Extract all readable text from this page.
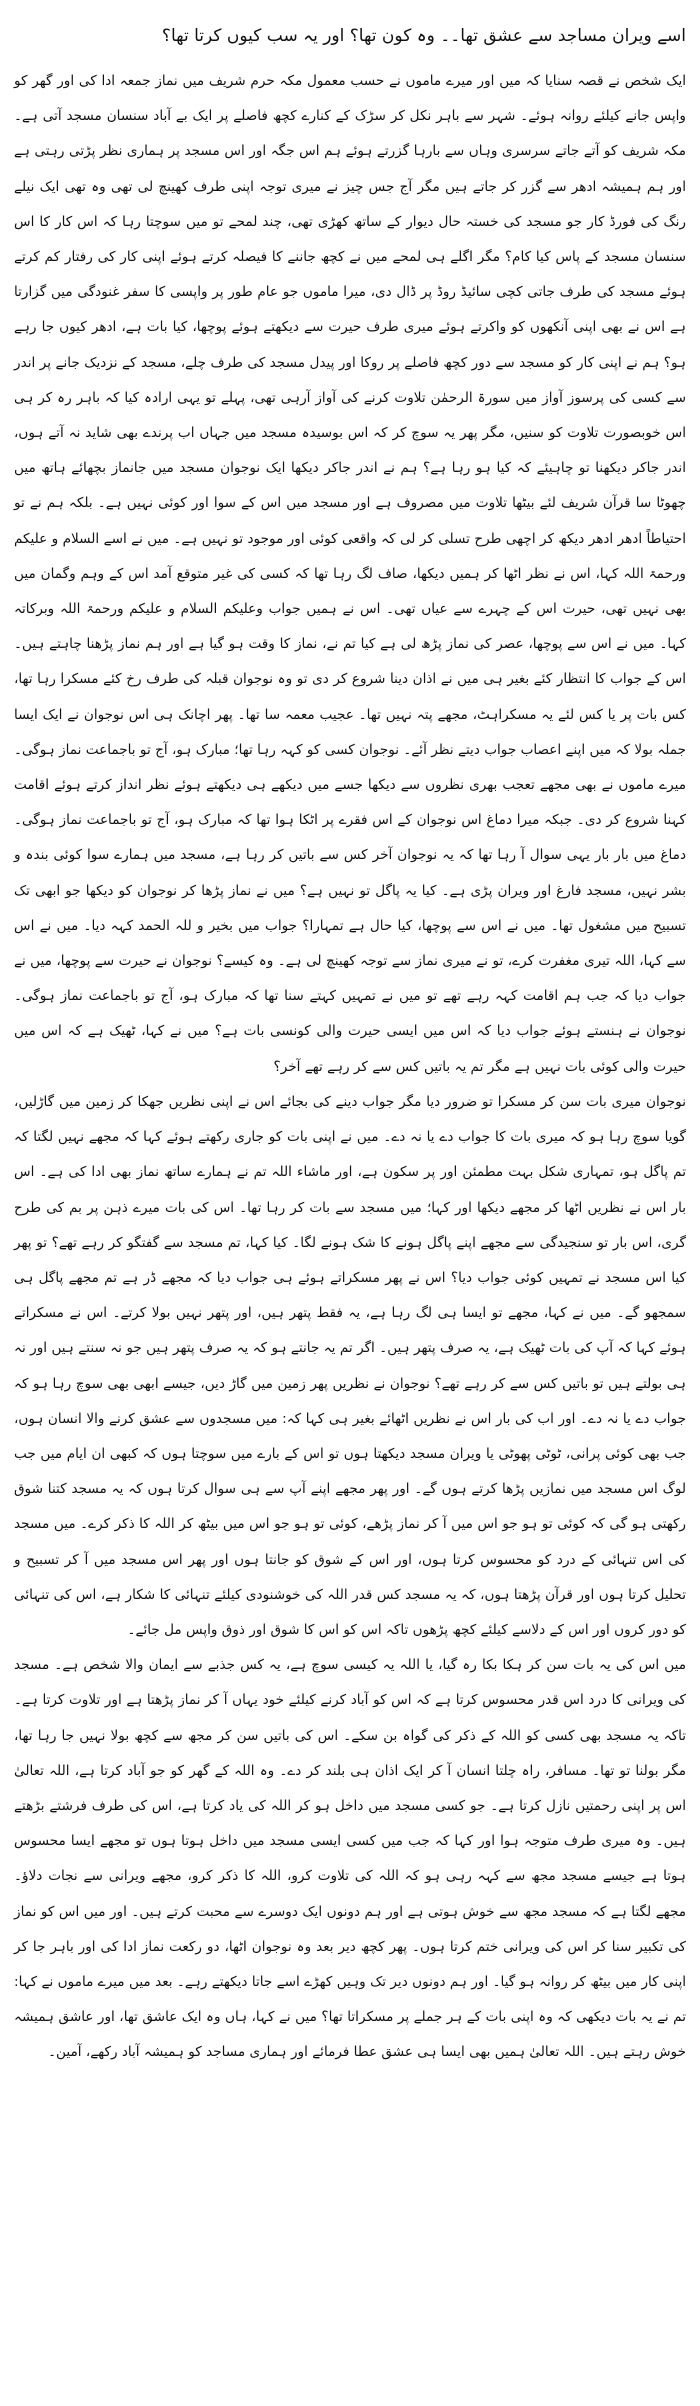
اسے ویران مساجد سے عشق تھا۔۔ وہ کون تھا؟ اور یہ سب کیوں کرتا تھا؟

ایک شخص نے قصہ سنایا کہ میں اور میرے ماموں نے حسب معمول مکہ حرم شریف میں نماز جمعہ ادا کی اور گھر کو واپس جانے کیلئے روانہ ہوئے۔ شہر سے باہر نکل کر سڑک کے کنارے کچھ فاصلے پر ایک بے آباد سنسان مسجد آتی ہے۔ مکہ شریف کو آتے جاتے سرسری وہاں سے بارہا گزرتے ہوئے ہم اس جگہ اور اس مسجد پر ہماری نظر پڑتی رہتی ہے اور ہم ہمیشہ ادھر سے گزر کر جاتے ہیں مگر آج جس چیز نے میری توجہ اپنی طرف کھینچ لی تھی وہ تھی ایک نیلے رنگ کی فورڈ کار جو مسجد کی خستہ حال دیوار کے ساتھ کھڑی تھی، چند لمحے تو میں سوچتا رہا کہ اس کار کا اس سنسان مسجد کے پاس کیا کام؟ مگر اگلے ہی لمحے میں نے کچھ جاننے کا فیصلہ کرتے ہوئے اپنی کار کی رفتار کم کرتے ہوئے مسجد کی طرف جاتی کچی سائیڈ روڈ پر ڈال دی، میرا ماموں جو عام طور پر واپسی کا سفر غنودگی میں گزارتا ہے اس نے بھی اپنی آنکھوں کو واکرتے ہوئے میری طرف حیرت سے دیکھتے ہوئے پوچھا، کیا بات ہے، ادھر کیوں جا رہے ہو؟ ہم نے اپنی کار کو مسجد سے دور کچھ فاصلے پر روکا اور پیدل مسجد کی طرف چلے، مسجد کے نزدیک جانے پر اندر سے کسی کی پرسوز آواز میں سورۃ الرحمٰن تلاوت کرنے کی آواز آرہی تھی، پہلے تو یہی ارادہ کیا کہ باہر رہ کر ہی اس خوبصورت تلاوت کو سنیں، مگر پھر یہ سوچ کر کہ اس بوسیدہ مسجد میں جہاں اب پرندے بھی شاید نہ آتے ہوں، اندر جاکر دیکھنا تو چاہیئے کہ کیا ہو رہا ہے؟ ہم نے اندر جاکر دیکھا ایک نوجوان مسجد میں جانماز بچھائے ہاتھ میں چھوٹا سا قرآن شریف لئے بیٹھا تلاوت میں مصروف ہے اور مسجد میں اس کے سوا اور کوئی نہیں ہے۔ بلکہ ہم نے تو احتیاطاً ادھر ادھر دیکھ کر اچھی طرح تسلی کر لی کہ واقعی کوئی اور موجود تو نہیں ہے۔ میں نے اسے السلام و علیکم ورحمۃ اللہ کہا، اس نے نظر اٹھا کر ہمیں دیکھا، صاف لگ رہا تھا کہ کسی کی غیر متوقع آمد اس کے وہم وگمان میں بھی نہیں تھی، حیرت اس کے چہرے سے عیاں تھی۔ اس نے ہمیں جواب وعلیکم السلام و علیکم ورحمۃ اللہ وبرکاتہ کہا۔ میں نے اس سے پوچھا، عصر کی نماز پڑھ لی ہے کیا تم نے، نماز کا وقت ہو گیا ہے اور ہم نماز پڑھنا چاہتے ہیں۔ اس کے جواب کا انتظار کئے بغیر ہی میں نے اذان دینا شروع کر دی تو وہ نوجوان قبلہ کی طرف رخ کئے مسکرا رہا تھا، کس بات پر یا کس لئے یہ مسکراہٹ، مجھے پتہ نہیں تھا۔ عجیب معمہ سا تھا۔ پھر اچانک ہی اس نوجوان نے ایک ایسا جملہ بولا کہ میں اپنے اعصاب جواب دیتے نظر آئے۔ نوجوان کسی کو کہہ رہا تھا؛ مبارک ہو، آج تو باجماعت نماز ہوگی۔ میرے ماموں نے بھی مجھے تعجب بھری نظروں سے دیکھا جسے میں دیکھے ہی دیکھتے ہوئے نظر انداز کرتے ہوئے اقامت کہنا شروع کر دی۔ جبکہ میرا دماغ اس نوجوان کے اس فقرے پر اٹکا ہوا تھا کہ مبارک ہو، آج تو باجماعت نماز ہوگی۔ دماغ میں بار بار یہی سوال آ رہا تھا کہ یہ نوجوان آخر کس سے باتیں کر رہا ہے، مسجد میں ہمارے سوا کوئی بندہ و بشر نہیں، مسجد فارغ اور ویران پڑی ہے۔ کیا یہ پاگل تو نہیں ہے؟ میں نے نماز پڑھا کر نوجوان کو دیکھا جو ابھی تک تسبیح میں مشغول تھا۔ میں نے اس سے پوچھا، کیا حال ہے تمہارا؟ جواب میں بخیر و للہ الحمد کہہ دیا۔ میں نے اس سے کہا، اللہ تیری مغفرت کرے، تو نے میری نماز سے توجہ کھینچ لی ہے۔ وہ کیسے؟ نوجوان نے حیرت سے پوچھا، میں نے جواب دیا کہ جب ہم اقامت کہہ رہے تھے تو میں نے تمہیں کہتے سنا تھا کہ مبارک ہو، آج تو باجماعت نماز ہوگی۔ نوجوان نے ہنستے ہوئے جواب دیا کہ اس میں ایسی حیرت والی کونسی بات ہے؟ میں نے کہا، ٹھیک ہے کہ اس میں حیرت والی کوئی بات نہیں ہے مگر تم یہ باتیں کس سے کر رہے تھے آخر؟

نوجوان میری بات سن کر مسکرا تو ضرور دیا مگر جواب دینے کی بجائے اس نے اپنی نظریں جھکا کر زمین میں گاڑلیں، گویا سوچ رہا ہو کہ میری بات کا جواب دے یا نہ دے۔ میں نے اپنی بات کو جاری رکھتے ہوئے کہا کہ مجھے نہیں لگتا کہ تم پاگل ہو، تمہاری شکل بہت مطمئن اور پر سکون ہے، اور ماشاء اللہ تم نے ہمارے ساتھ نماز بھی ادا کی ہے۔ اس بار اس نے نظریں اٹھا کر مجھے دیکھا اور کہا؛ میں مسجد سے بات کر رہا تھا۔ اس کی بات میرے ذہن پر بم کی طرح گری، اس بار تو سنجیدگی سے مجھے اپنے پاگل ہونے کا شک ہونے لگا۔ کیا کہا، تم مسجد سے گفتگو کر رہے تھے؟ تو پھر کیا اس مسجد نے تمہیں کوئی جواب دیا؟ اس نے پھر مسکراتے ہوئے ہی جواب دیا کہ مجھے ڈر ہے تم مجھے پاگل ہی سمجھو گے۔ میں نے کہا، مجھے تو ایسا ہی لگ رہا ہے، یہ فقط پتھر ہیں، اور پتھر نہیں بولا کرتے۔ اس نے مسکراتے ہوئے کہا کہ آپ کی بات ٹھیک ہے، یہ صرف پتھر ہیں۔ اگر تم یہ جانتے ہو کہ یہ صرف پتھر ہیں جو نہ سنتے ہیں اور نہ ہی بولتے ہیں تو باتیں کس سے کر رہے تھے؟ نوجوان نے نظریں پھر زمین میں گاڑ دیں، جیسے ابھی بھی سوچ رہا ہو کہ جواب دے یا نہ دے۔ اور اب کی بار اس نے نظریں اٹھائے بغیر ہی کہا کہ: میں مسجدوں سے عشق کرنے والا انسان ہوں، جب بھی کوئی پرانی، ٹوٹی پھوٹی یا ویران مسجد دیکھتا ہوں تو اس کے بارے میں سوچتا ہوں کہ کبھی ان ایام میں جب لوگ اس مسجد میں نمازیں پڑھا کرتے ہوں گے۔ اور پھر مجھے اپنے آپ سے ہی سوال کرتا ہوں کہ یہ مسجد کتنا شوق رکھتی ہو گی کہ کوئی تو ہو جو اس میں آ کر نماز پڑھے، کوئی تو ہو جو اس میں بیٹھ کر اللہ کا ذکر کرے۔ میں مسجد کی اس تنہائی کے درد کو محسوس کرتا ہوں، اور اس کے شوق کو جانتا ہوں اور پھر اس مسجد میں آ کر تسبیح و تحلیل کرتا ہوں اور قرآن پڑھتا ہوں، کہ یہ مسجد کس قدر اللہ کی خوشنودی کیلئے تنہائی کا شکار ہے، اس کی تنہائی کو دور کروں اور اس کے دلاسے کیلئے کچھ پڑھوں تاکہ اس کو اس کا شوق اور ذوق واپس مل جائے۔

میں اس کی یہ بات سن کر ہکا بکا رہ گیا، یا اللہ یہ کیسی سوچ ہے، یہ کس جذبے سے ایمان والا شخص ہے۔ مسجد کی ویرانی کا درد اس قدر محسوس کرتا ہے کہ اس کو آباد کرنے کیلئے خود یہاں آ کر نماز پڑھتا ہے اور تلاوت کرتا ہے۔ تاکہ یہ مسجد بھی کسی کو اللہ کے ذکر کی گواہ بن سکے۔ اس کی باتیں سن کر مجھ سے کچھ بولا نہیں جا رہا تھا، مگر بولنا تو تھا۔ مسافر، راہ چلتا انسان آ کر ایک اذان ہی بلند کر دے۔ وہ اللہ کے گھر کو جو آباد کرتا ہے، اللہ تعالیٰ اس پر اپنی رحمتیں نازل کرتا ہے۔ جو کسی مسجد میں داخل ہو کر اللہ کی یاد کرتا ہے، اس کی طرف فرشتے بڑھتے ہیں۔ وہ میری طرف متوجہ ہوا اور کہا کہ جب میں کسی ایسی مسجد میں داخل ہوتا ہوں تو مجھے ایسا محسوس ہوتا ہے جیسے مسجد مجھ سے کہہ رہی ہو کہ اللہ کی تلاوت کرو، اللہ کا ذکر کرو، مجھے ویرانی سے نجات دلاؤ۔ مجھے لگتا ہے کہ مسجد مجھ سے خوش ہوتی ہے اور ہم دونوں ایک دوسرے سے محبت کرتے ہیں۔ اور میں اس کو نماز کی تکبیر سنا کر اس کی ویرانی ختم کرتا ہوں۔ پھر کچھ دیر بعد وہ نوجوان اٹھا، دو رکعت نماز ادا کی اور باہر جا کر اپنی کار میں بیٹھ کر روانہ ہو گیا۔ اور ہم دونوں دیر تک وہیں کھڑے اسے جاتا دیکھتے رہے۔ بعد میں میرے ماموں نے کہا: تم نے یہ بات دیکھی کہ وہ اپنی بات کے ہر جملے پر مسکراتا تھا؟ میں نے کہا، ہاں وہ ایک عاشق تھا، اور عاشق ہمیشہ خوش رہتے ہیں۔ اللہ تعالیٰ ہمیں بھی ایسا ہی عشق عطا فرمائے اور ہماری مساجد کو ہمیشہ آباد رکھے، آمین۔
